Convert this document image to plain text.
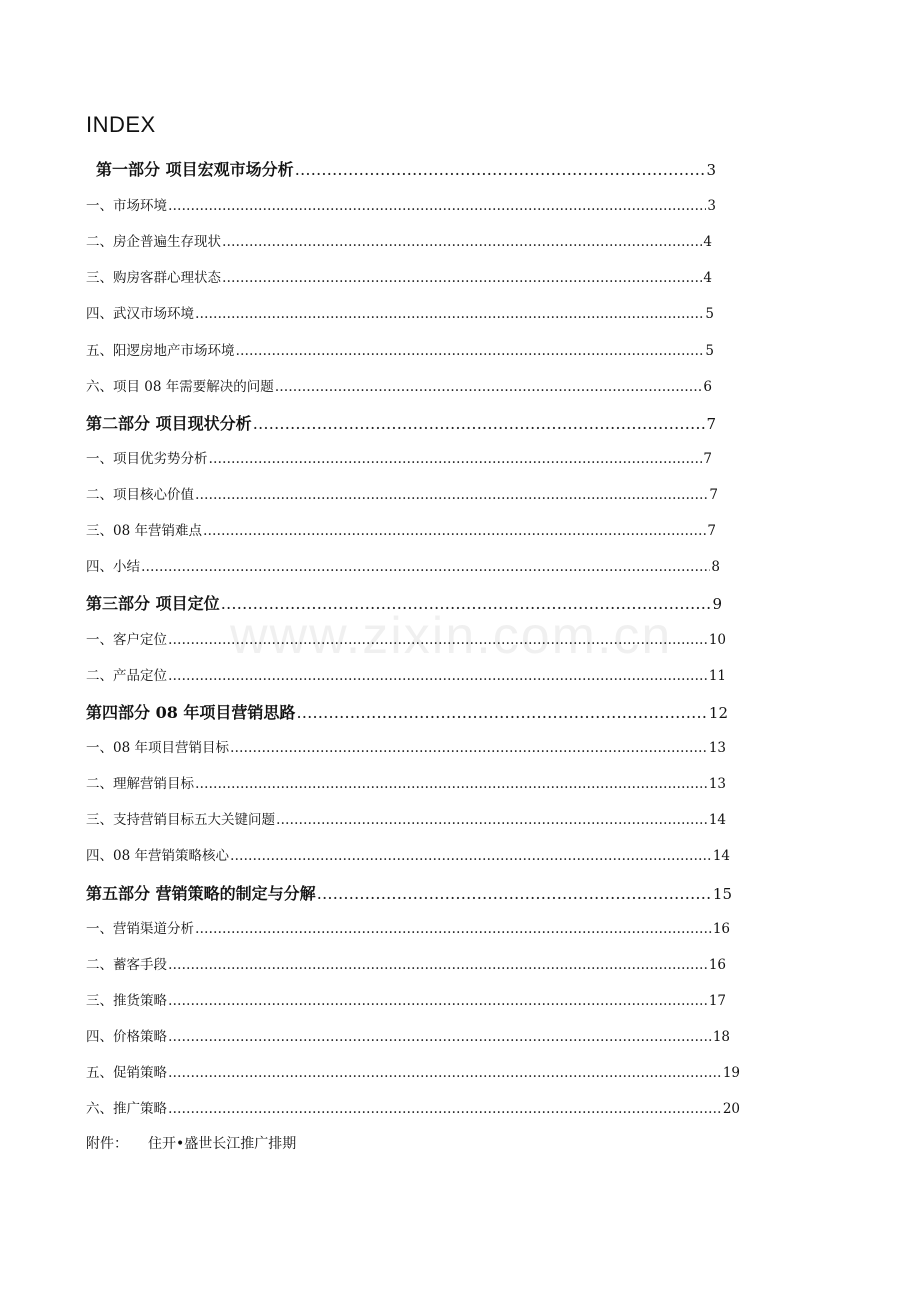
INDEX
第一部分 项目宏观市场分析 ……………………………………………………………………………………………………………………………………………………………………………………………………………………	3
一、市场环境 ……………………………………………………………………………………………………………………………………………………………………………………………………………………	3
二、房企普遍生存现状 ……………………………………………………………………………………………………………………………………………………………………………………………………………………	4
三、购房客群心理状态 ……………………………………………………………………………………………………………………………………………………………………………………………………………………	4
四、武汉市场环境 ……………………………………………………………………………………………………………………………………………………………………………………………………………………	5
五、阳逻房地产市场环境 ……………………………………………………………………………………………………………………………………………………………………………………………………………………	5
六、项目 08 年需要解决的问题 ……………………………………………………………………………………………………………………………………………………………………………………………………………………	6
第二部分 项目现状分析 ……………………………………………………………………………………………………………………………………………………………………………………………………………………	7
一、项目优劣势分析 ……………………………………………………………………………………………………………………………………………………………………………………………………………………	7
二、项目核心价值 ……………………………………………………………………………………………………………………………………………………………………………………………………………………	7
三、08 年营销难点 ……………………………………………………………………………………………………………………………………………………………………………………………………………………	7
四、小结 ……………………………………………………………………………………………………………………………………………………………………………………………………………………	8
第三部分 项目定位 ……………………………………………………………………………………………………………………………………………………………………………………………………………………	9
一、客户定位 ……………………………………………………………………………………………………………………………………………………………………………………………………………………	10
二、产品定位 ……………………………………………………………………………………………………………………………………………………………………………………………………………………	11
第四部分 08 年项目营销思路 ……………………………………………………………………………………………………………………………………………………………………………………………………………………	12
一、08 年项目营销目标 ……………………………………………………………………………………………………………………………………………………………………………………………………………………	13
二、理解营销目标 ……………………………………………………………………………………………………………………………………………………………………………………………………………………	13
三、支持营销目标五大关键问题 ……………………………………………………………………………………………………………………………………………………………………………………………………………………	14
四、08 年营销策略核心 ……………………………………………………………………………………………………………………………………………………………………………………………………………………	14
第五部分 营销策略的制定与分解 ……………………………………………………………………………………………………………………………………………………………………………………………………………………	15
一、营销渠道分析 ……………………………………………………………………………………………………………………………………………………………………………………………………………………	16
二、蓄客手段 ……………………………………………………………………………………………………………………………………………………………………………………………………………………	16
三、推货策略 ……………………………………………………………………………………………………………………………………………………………………………………………………………………	17
四、价格策略 ……………………………………………………………………………………………………………………………………………………………………………………………………………………	18
五、促销策略 ……………………………………………………………………………………………………………………………………………………………………………………………………………………	19
六、推广策略 ……………………………………………………………………………………………………………………………………………………………………………………………………………………	20
附件： 住开•盛世长江推广排期
www.zixin.com.cn
